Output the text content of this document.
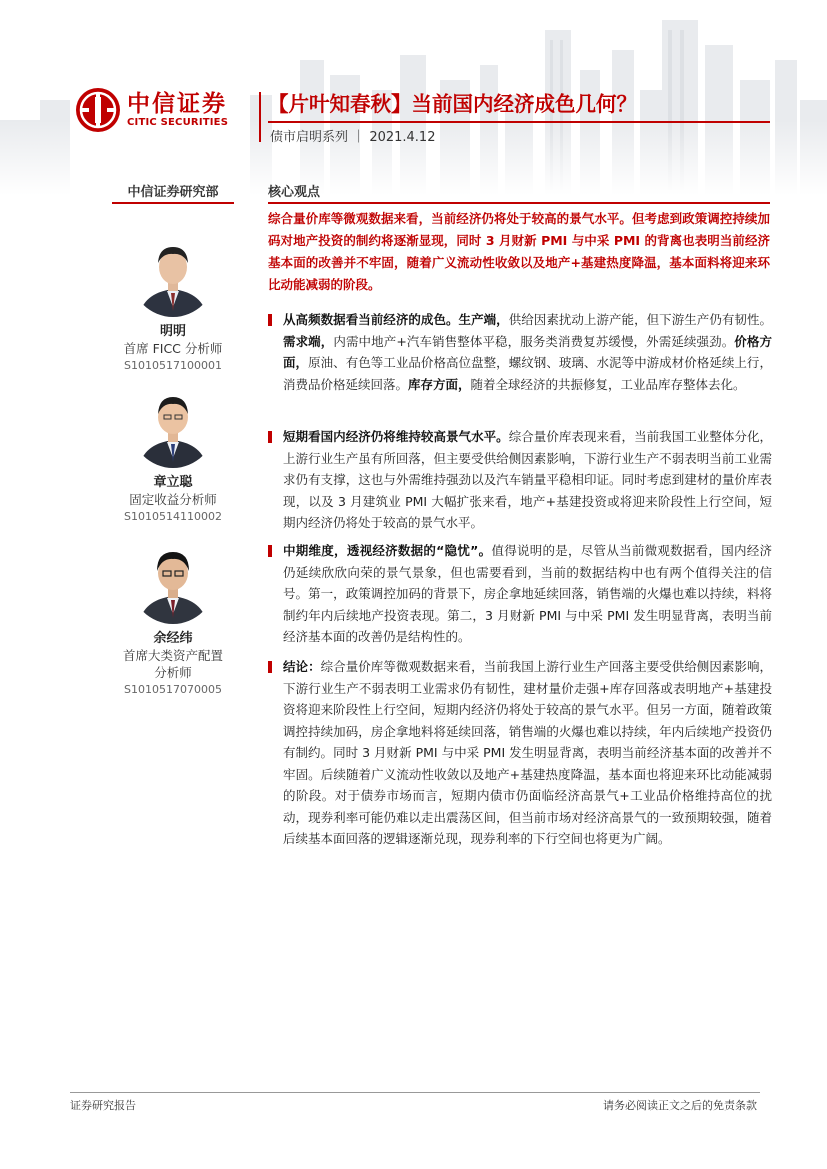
中信证券
CITIC SECURITIES
【片叶知春秋】当前国内经济成色几何？
债市启明系列 ｜ 2021.4.12
中信证券研究部
明明
首席 FICC 分析师
S1010517100001
章立聪
固定收益分析师
S1010514110002
余经纬
首席大类资产配置
分析师
S1010517070005
核心观点

综合量价库等微观数据来看，当前经济仍将处于较高的景气水平。但考虑到政策调控持续加码对地产投资的制约将逐渐显现，同时 3 月财新 PMI 与中采 PMI 的背离也表明当前经济基本面的改善并不牢固，随着广义流动性收敛以及地产+基建热度降温，基本面料将迎来环比动能减弱的阶段。

从高频数据看当前经济的成色。生产端，供给因素扰动上游产能，但下游生产仍有韧性。需求端，内需中地产+汽车销售整体平稳，服务类消费复苏缓慢，外需延续强劲。价格方面，原油、有色等工业品价格高位盘整，螺纹钢、玻璃、水泥等中游成材价格延续上行，消费品价格延续回落。库存方面，随着全球经济的共振修复，工业品库存整体去化。

短期看国内经济仍将维持较高景气水平。综合量价库表现来看，当前我国工业整体分化，上游行业生产虽有所回落，但主要受供给侧因素影响，下游行业生产不弱表明当前工业需求仍有支撑，这也与外需维持强劲以及汽车销量平稳相印证。同时考虑到建材的量价库表现，以及 3 月建筑业 PMI 大幅扩张来看，地产+基建投资或将迎来阶段性上行空间，短期内经济仍将处于较高的景气水平。

中期维度，透视经济数据的“隐忧”。值得说明的是，尽管从当前微观数据看，国内经济仍延续欣欣向荣的景气景象，但也需要看到，当前的数据结构中也有两个值得关注的信号。第一，政策调控加码的背景下，房企拿地延续回落，销售端的火爆也难以持续，料将制约年内后续地产投资表现。第二，3 月财新 PMI 与中采 PMI 发生明显背离，表明当前经济基本面的改善仍是结构性的。

结论：综合量价库等微观数据来看，当前我国上游行业生产回落主要受供给侧因素影响，下游行业生产不弱表明工业需求仍有韧性，建材量价走强+库存回落或表明地产+基建投资将迎来阶段性上行空间，短期内经济仍将处于较高的景气水平。但另一方面，随着政策调控持续加码，房企拿地料将延续回落，销售端的火爆也难以持续，年内后续地产投资仍有制约。同时 3 月财新 PMI 与中采 PMI 发生明显背离，表明当前经济基本面的改善并不牢固。后续随着广义流动性收敛以及地产+基建热度降温，基本面也将迎来环比动能减弱的阶段。对于债券市场而言，短期内债市仍面临经济高景气+工业品价格维持高位的扰动，现券利率可能仍难以走出震荡区间，但当前市场对经济高景气的一致预期较强，随着后续基本面回落的逻辑逐渐兑现，现券利率的下行空间也将更为广阔。

证券研究报告	请务必阅读正文之后的免责条款
